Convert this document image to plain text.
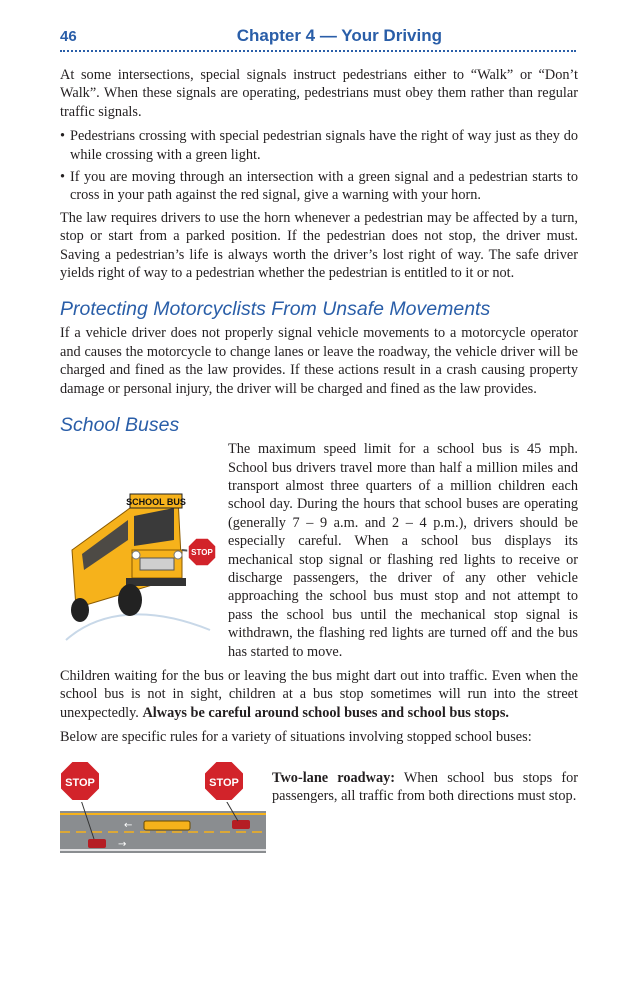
46	Chapter 4 — Your Driving

At some intersections, special signals instruct pedestrians either to “Walk” or “Don’t Walk”. When these signals are operating, pedestrians must obey them rather than regular traffic signals.

• Pedestrians crossing with special pedestrian signals have the right of way just as they do while crossing with a green light.
• If you are moving through an intersection with a green signal and a pedestrian starts to cross in your path against the red signal, give a warning with your horn.

The law requires drivers to use the horn whenever a pedestrian may be affected by a turn, stop or start from a parked position. If the pedestrian does not stop, the driver must. Saving a pedestrian’s life is always worth the driver’s lost right of way. The safe driver yields right of way to a pedestrian whether the pedestrian is entitled to it or not.

Protecting Motorcyclists From Unsafe Movements

If a vehicle driver does not properly signal vehicle movements to a motorcycle operator and causes the motorcycle to change lanes or leave the roadway, the vehicle driver will be charged and fined as the law provides. If these actions result in a crash causing property damage or personal injury, the driver will be charged and fined as the law provides.

School Buses
SCHOOL BUS
STOP

The maximum speed limit for a school bus is 45 mph. School bus drivers travel more than half a million miles and transport almost three quarters of a million children each school day. During the hours that school buses are operating (generally 7 – 9 a.m. and 2 – 4 p.m.), drivers should be especially careful. When a school bus displays its mechanical stop signal or flashing red lights to receive or discharge passengers, the driver of any other vehicle approaching the school bus must stop and not attempt to pass the school bus until the mechanical stop signal is withdrawn, the flashing red lights are turned off and the bus has started to move.

Children waiting for the bus or leaving the bus might dart out into traffic. Even when the school bus is not in sight, children at a bus stop sometimes will run into the street unexpectedly. Always be careful around school buses and school bus stops.

Below are specific rules for a variety of situations involving stopped school buses:

←
→
STOP	STOP Two-lane roadway: When school bus stops for passengers, all traffic from both directions must stop.
